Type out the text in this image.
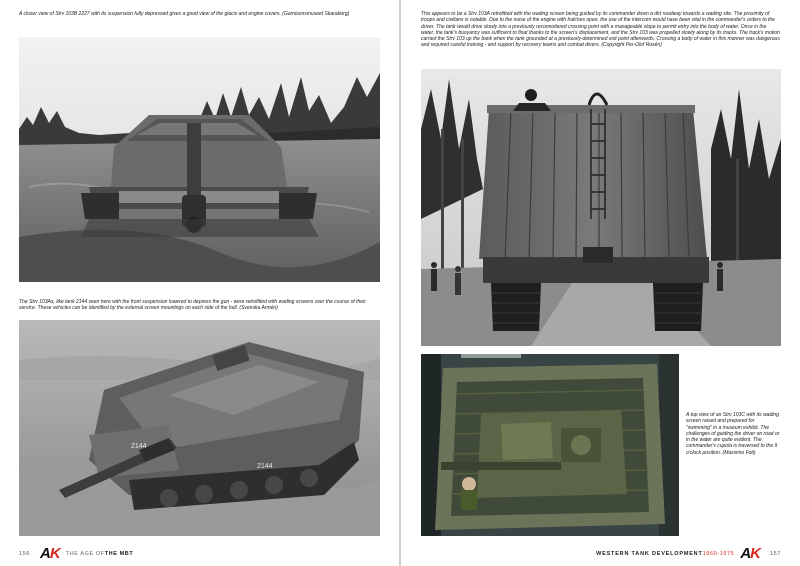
A closer view of Strv 103B 2227 with its suspension fully depressed gives a good view of the glacis and engine covers. (Garnisonsmuseet Skaraborg)

The Strv 103As, like tank 2144 seen here with the front suspension lowered to depress the gun - were retrofitted with wading screens over the course of their service. These vehicles can be identified by the external screen mountings on each side of the hull. (Svenska Armén)

2144
2144
156 AK THE AGE OF THE MBT

This appears to be a Strv 103A retrofitted with the wading screen being guided by its commander down a dirt roadway towards a wading site. The proximity of troops and civilians is notable. Due to the noise of the engine with hatches open, the use of the intercom would have been vital in the commander's orders to the driver. The tank would drive slowly into a previously reconnoitered crossing point with a manageable slope to permit entry into the body of water. Once in the water, the tank's buoyancy was sufficient to float thanks to the screen's displacement, and the Strv 103 was propelled slowly along by its tracks. The track's motion carried the Strv 103 up the bank when the tank grounded at a previously-determined exit point afterwards. Crossing a body of water in this manner was dangerous and required careful training - and support by recovery teams and combat divers. (Copyright Per-Olof Roxén)

A top view of an Strv 103C with its wading screen raised and prepared for "swimming" in a museum exhibit. The challenges of guiding the driver on road or in the water are quite evident. The commander's cupola is traversed to the 9 o'clock position. (Massimo Foti)

WESTERN TANK DEVELOPMENT 1960-1975 AK 157
